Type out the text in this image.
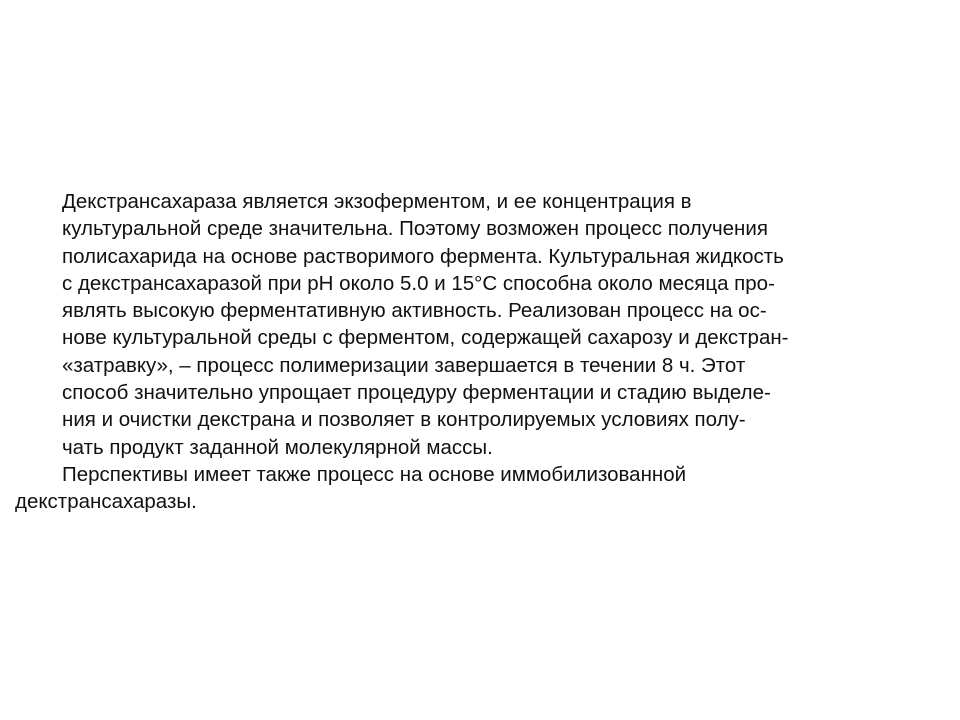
Декстрансахараза является экзоферментом, и ее концентрация в
культуральной среде значительна. Поэтому возможен процесс получения
полисахарида на основе растворимого фермента. Культуральная жидкость
с декстрансахаразой при pH около 5.0 и 15°С способна около месяца про-
являть высокую ферментативную активность. Реализован процесс на ос-
нове культуральной среды с ферментом, содержащей сахарозу и декстран-
«затравку», – процесс полимеризации завершается в течении 8 ч. Этот
способ значительно упрощает процедуру ферментации и стадию выделе-
ния и очистки декстрана и позволяет в контролируемых условиях полу-
чать продукт заданной молекулярной массы.
Перспективы имеет также процесс на основе иммобилизованной
декстрансахаразы.
